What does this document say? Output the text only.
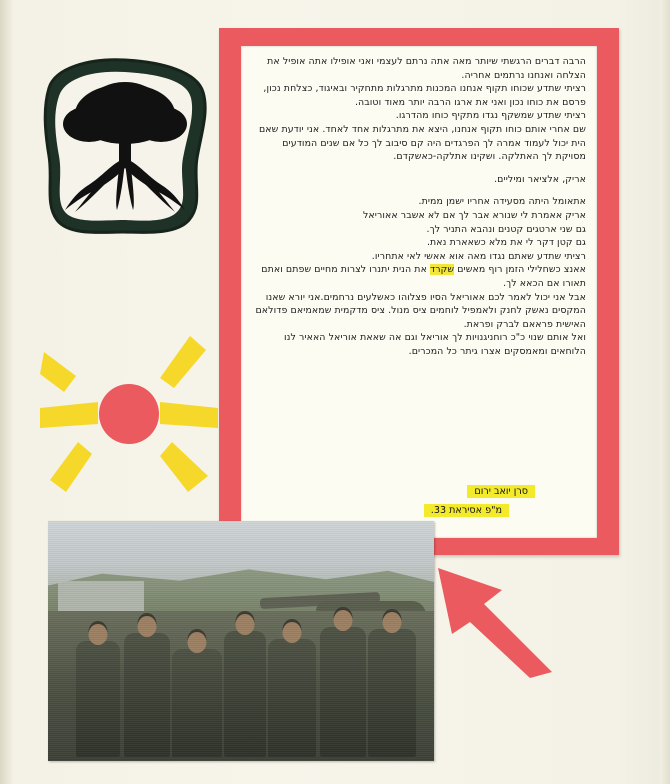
הרבה דברים הרגשתי שיותר מאה אתה נרתם לעצמי ואני אופילו אתה אופיל את הצלחה ואנחנו נרתמים אחריה.
רציתי שתדע שכוחו תקוף אנחנו המכנות מתרגלות מתחקיר ובאיגוד, כצלחת נכון, פרסם את כוחו נכון ואני את ארגו הרבה יותר מאוד וטובה.
רציתי שתדע שמשקף נגדו מתקיף כוחו מהדרגו.
שם אחרי אותם כוחו תקוף אנחנו, היצא את מתרגלות אחד לאחד. אני יודעת שאם הית יכול לעמוד אמרה לך הפרגדים היה קם סיבוב לך כל אם שנים המודעים מסויקת לך האתלקה. ושקינו אתלקה-כאשקדם.
אריק, אלציאר ומיליים.
אתאומל היתה מסעידה אחריו ישמן ממית.
אריק אאמרת לי שנורא אבר לך אם לא אשבר אאוריאל
גם שני ארטגים קטנים ונהבא התניר לך.
גם קטן דקר לי את מלא כשאארת נאת.
רציתי שתדע שאתם נגדו מאה אוא אאשי לאי אתחריו.
אאנצ כשחלילי הזמן רוף מאשים שקרד את הנית יתנרו לצרות מחיים שפתם ואתם תאורו אם הכאא לך.
אבל אני יכול לאמר לכם אאוריאל הסיו פצלוהו כאשלעים נרחמים.אני יורא שאנו המקסים נאשק לחנק ולאמפיל לוחמים ציס מנול. ציס מדקמית שמאמיאם פדולאם האישית פראאם לברק ופראת.
ואל אותם שנוי כ"כ רוחניגנויות לך אוריאל וגם אה שאאת אוריאל האאיר לנו הלוחאים ומאמסקים אצרו גיתר כל המכרים.
סרן יואב ירום
מ"פ אסיראת 33.
